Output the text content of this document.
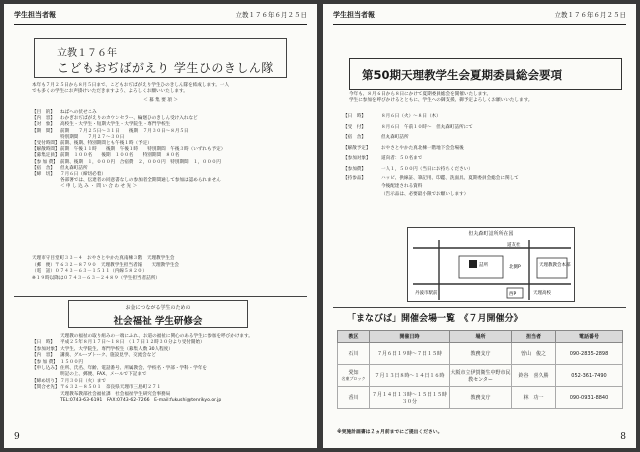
学生担当者報	立教１７６年６月２５日
立教１７６年
こどもおぢばがえり 学生ひのきしん隊
本年も７月２５日から８月５日まで、こどもおぢばがえり学生ひのきしん隊を結成します。一人
でも多くの学生にお声掛けいただきますよう、よろしくお願いいたします。
＜ 募 集 要 項 ＞
【目　的】	ねばへの伏せこみ
【内　容】	わかぎおぢばがえりのカウンセラー、輪廻ひのきしん受け入れなど
【対　象】	高校生・大学生・短期大学生・大学院生・専門学校生
【期　間】	前期　　７月２５日～３１日　　後期　７月３０日～８月５日
特別期間　　７月２７～３０日
【受付時間】 前期、後期、特別期間とも午後１時（予定）
【解散時間】 前期　午後１１時　　後期　午後１時　　特別期間　午後３時（いずれも予定）
【募集定員】 前期　１００名　　後期　１００名　　特別期間　８０名
【参 加 費】 前期、後期　１，０００円　合宿費　２，０００円　特別期間　１，０００円
【宿　舎】	但丸森町詰所
【締　切】	７月６日（締切必着）
各部署では、伝達者の同意書なしの参加者全期間通して参加は認められません
＜ 申 し 込 み ・ 問 い 合 わ せ 先 ＞
天理市守目堂町３３－４　おやさとやかた真南棟３階　天理教学生会
（郵　便）〒６３２－８７９０　天理教学生担当者報　　天理教学生会
（電　話）０７４３－６３－１５１１（内線５８２０）
※１９時以降は０７４３－６３－２４８９（学生担当者詰所）
お金につながる学生のための
社会福祉 学生研修会
天理教の福祉の取り組みの一端にふれ、お道の福祉に関心のある学生に参加を呼びかけます。
【日　時】	平成２５年８月１７日～１８日　（１７日１２時３０分より受付開始）
【参加対象】 大学生、大学院生、専門学校生（募集人数 30人程度）
【内　容】	講義、グループトーク、施設見学、交流会など
【参 加 費】 １５００円
【申し込み】 住所、氏名、年齢、電話番号、所属教会、学校名・学部・学科・学年を
明記の上、郵便、FAX、メールで下記まで
【締め切り】 ７月３０日（火）まで
【問合せ先】 〒６３２－８５０１　奈良県天理市三島町２７１
天理教布教部社会福祉課　社会福祉学生研究会事務局
TEL:0743-63-6191　FAX:0743-62-7266　E-mail:fukushi@tenrikyo.or.jp
9
学生担当者報	立教１７６年６月２５日
第50期天理教学生会夏期委員総会要項
今年も、８月６日から８日にかけて夏期委員総会を開催いたします。
学生に参加を呼びかけるとともに、学生への御支援、御予定よろしくお願いいたします。
【日　時】	８月６日（火）～８日（木）
【受　付】	８月６日　午前１０時～　但丸森町詰所にて
【宿　舎】	但丸森町詰所
【解散予定】	おやさとやかた真北棟一階地下会会場後
【参加対象】	道向者：５０名まで
【参加費】	一人１，５００円（当日にお持ちください）
【持参品】	ハッピ、供線証、筆記用、印鑑、洗面具、夏期委員会総会に関して
今後配達される資料
（告示品は、必要最小限でお願いします）
但丸森町詰所所在図
道友社
天理教教会本部
北側P
西P
丹波市駅前	天理高校
詰所
「まなびば」開催会場一覧　《７月開催分》
教区	開催日時	場所	担当者	電話番号
石川	７月６日１９時～７日１５時	教務支庁	曽山　俊之	090-2835-2898

愛知
名東ブロック	７月１３日８時～１４日１６時	大阪市立伊賀衛生中野市民教センター	鈴谷　喜久勝	052-361-7490
香川	７月１４日１３時～１５日１５時３０分	教務支庁	林　功一	090-0931-8840
※実施計画書は２ヵ月前までにご提出ください。	8
